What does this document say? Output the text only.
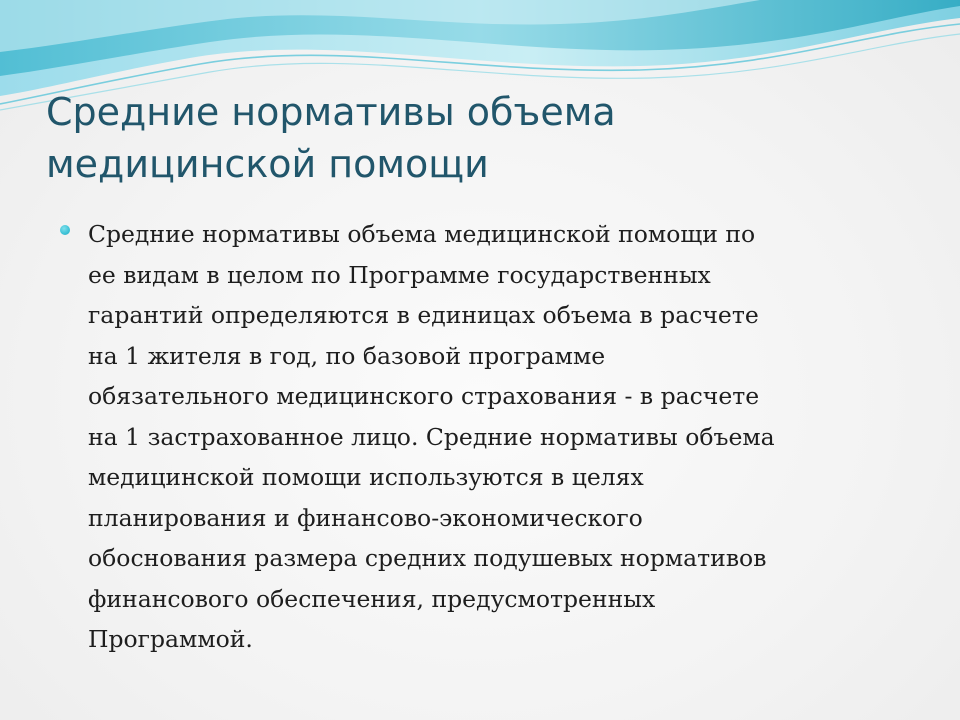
Средние нормативы объема
медицинской помощи

Средние нормативы объема медицинской помощи по
ее видам в целом по Программе государственных
гарантий определяются в единицах объема в расчете
на 1 жителя в год, по базовой программе
обязательного медицинского страхования - в расчете
на 1 застрахованное лицо. Средние нормативы объема
медицинской помощи используются в целях
планирования и финансово-экономического
обоснования размера средних подушевых нормативов
финансового обеспечения, предусмотренных
Программой.
